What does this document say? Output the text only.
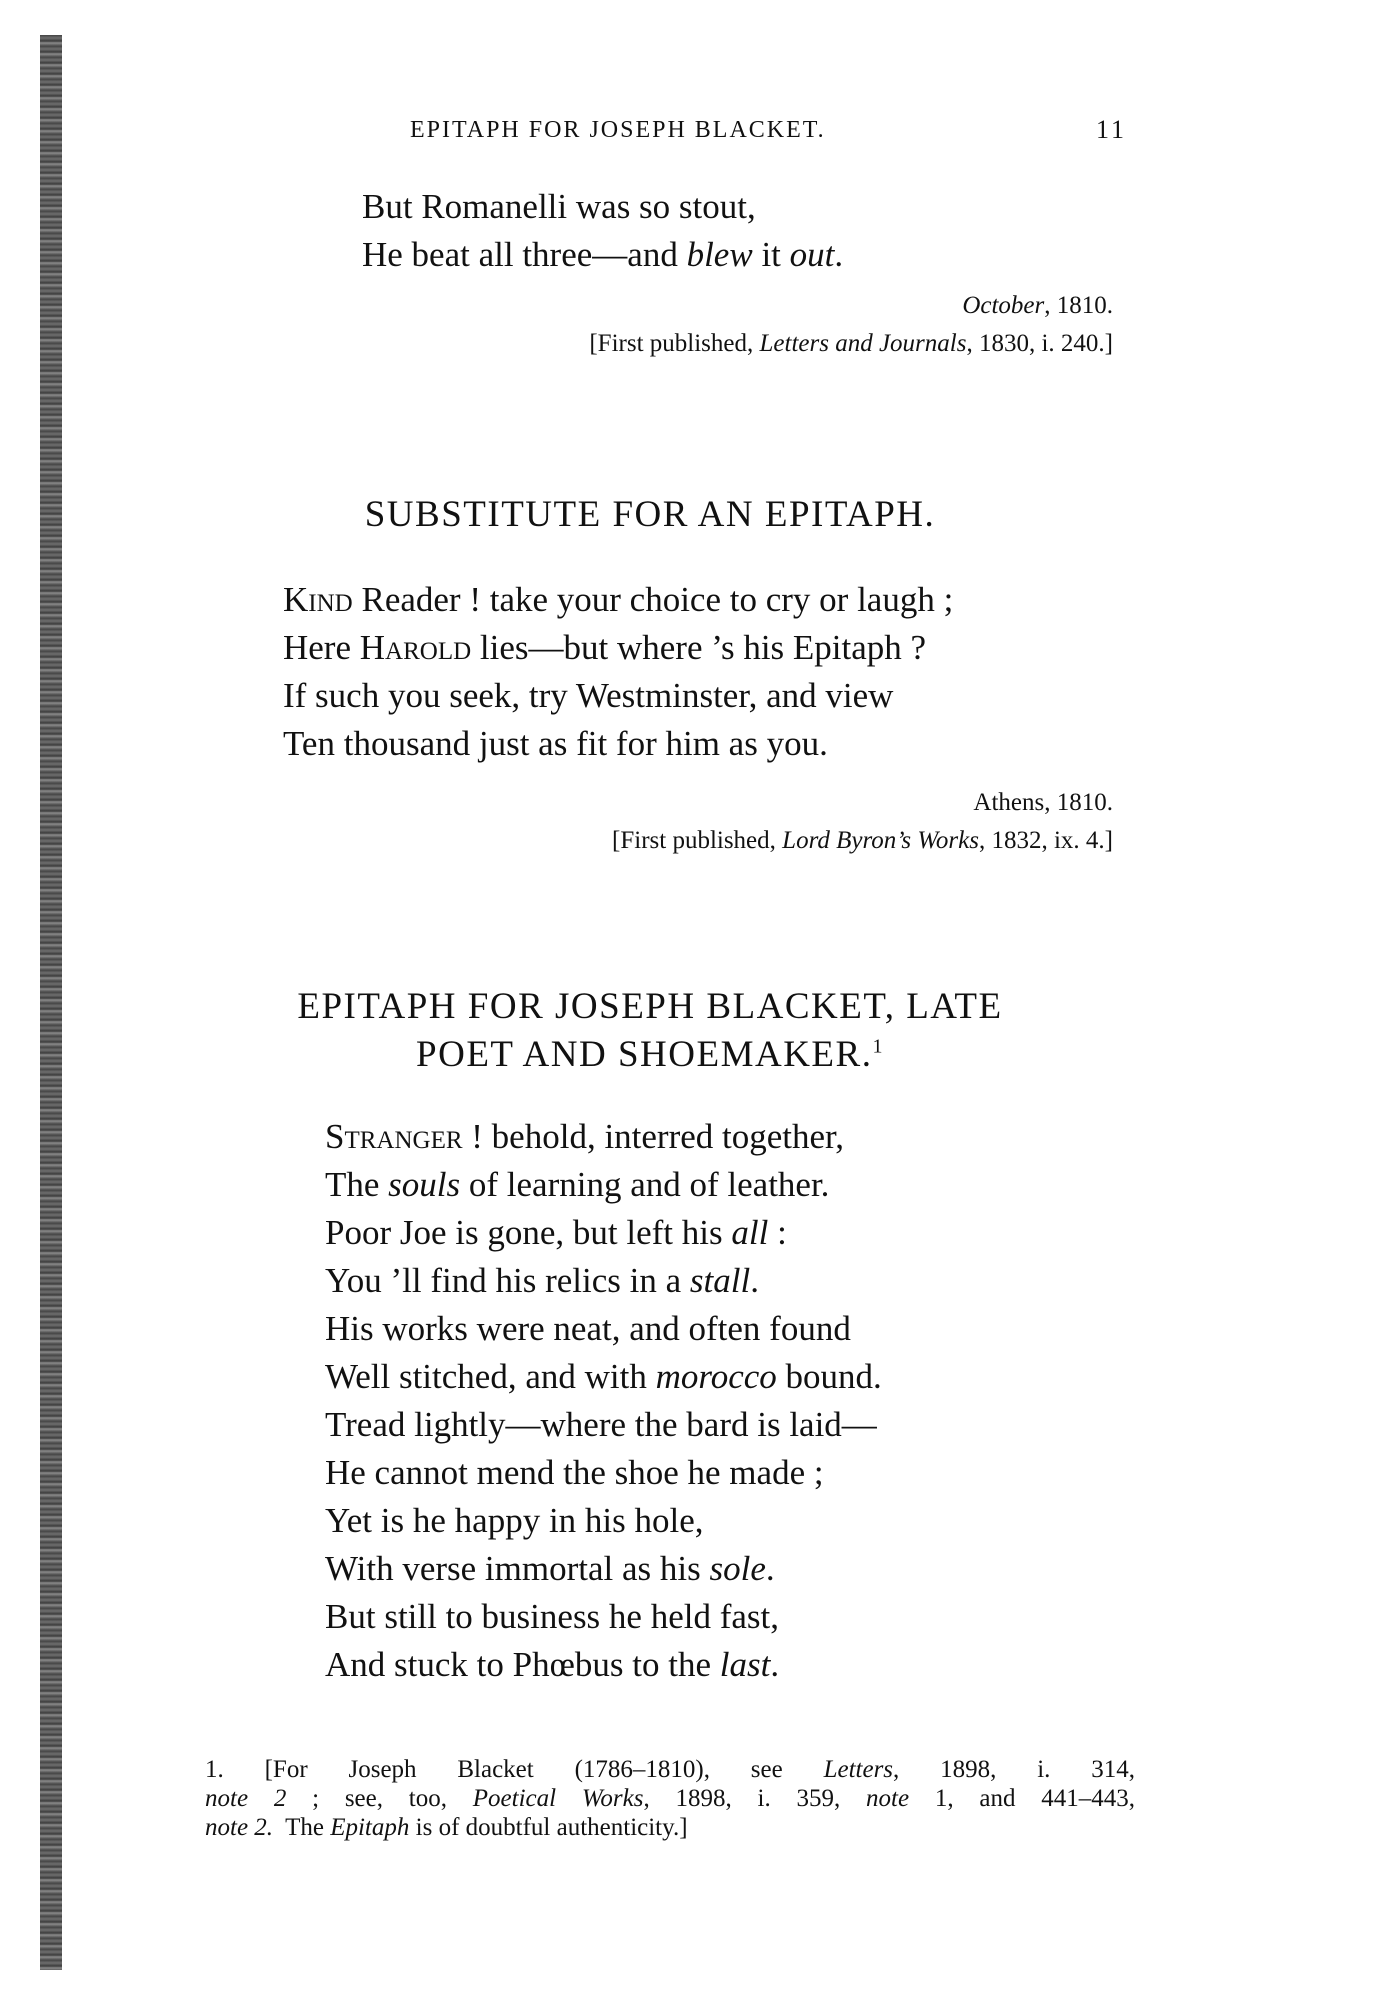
EPITAPH FOR JOSEPH BLACKET.	11
But Romanelli was so stout,
He beat all three—and blew it out.
October, 1810.
[First published, Letters and Journals, 1830, i. 240.]
SUBSTITUTE FOR AN EPITAPH.
Kind Reader ! take your choice to cry or laugh ;
Here Harold lies—but where ’s his Epitaph ?
If such you seek, try Westminster, and view
Ten thousand just as fit for him as you.
Athens, 1810.
[First published, Lord Byron’s Works, 1832, ix. 4.]
EPITAPH FOR JOSEPH BLACKET, LATE
POET AND SHOEMAKER.$^1$
Stranger ! behold, interred together,
The souls of learning and of leather.
Poor Joe is gone, but left his all :
You ’ll find his relics in a stall.
His works were neat, and often found
Well stitched, and with morocco bound.
Tread lightly—where the bard is laid—
He cannot mend the shoe he made ;
Yet is he happy in his hole,
With verse immortal as his sole.
But still to business he held fast,
And stuck to Phœbus to the last.
1. [For Joseph Blacket (1786–1810), see Letters, 1898, i. 314,
note 2 ; see, too, Poetical Works, 1898, i. 359, note 1, and 441–443,
note 2.  The Epitaph is of doubtful authenticity.]
